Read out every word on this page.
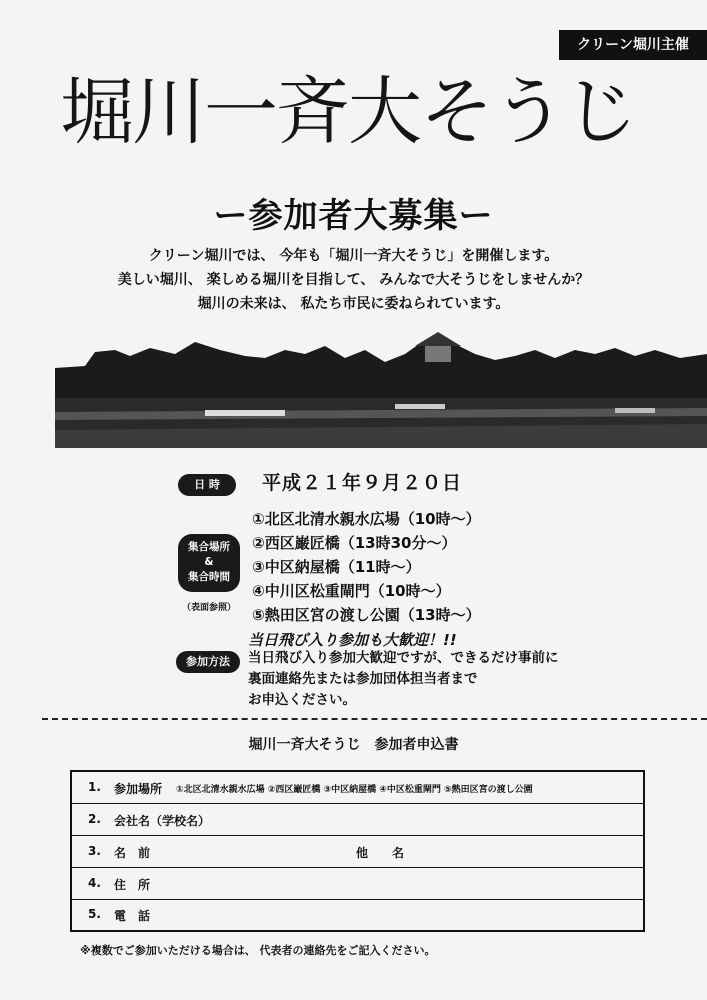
クリーン堀川主催
堀川一斉大そうじ
ー参加者大募集ー
クリーン堀川では、 今年も「堀川一斉大そうじ」を開催します。
美しい堀川、 楽しめる堀川を目指して、 みんなで大そうじをしませんか？
堀川の未来は、 私たち市民に委ねられています。
日 時	平成２１年９月２０日
集合場所
&
集合時間
（表面参照）
①北区北清水親水広場（10時～）
②西区巌匠橋（13時30分～）
③中区納屋橋（11時～）
④中川区松重閘門（10時～）
⑤熱田区宮の渡し公園（13時～）
当日飛び入り参加も大歓迎！!!
参加方法	当日飛び入り参加大歓迎ですが、できるだけ事前に
裏面連絡先または参加団体担当者まで
お申込ください。
堀川一斉大そうじ　参加者申込書
1. 参加場所 ①北区北清水親水広場 ②西区巌匠橋 ③中区納屋橋 ④中区松重閘門 ⑤熱田区宮の渡し公園
2. 会社名（学校名）
3. 名　前	他　　名
4. 住　所
5. 電　話
※複数でご参加いただける場合は、 代表者の連絡先をご記入ください。
